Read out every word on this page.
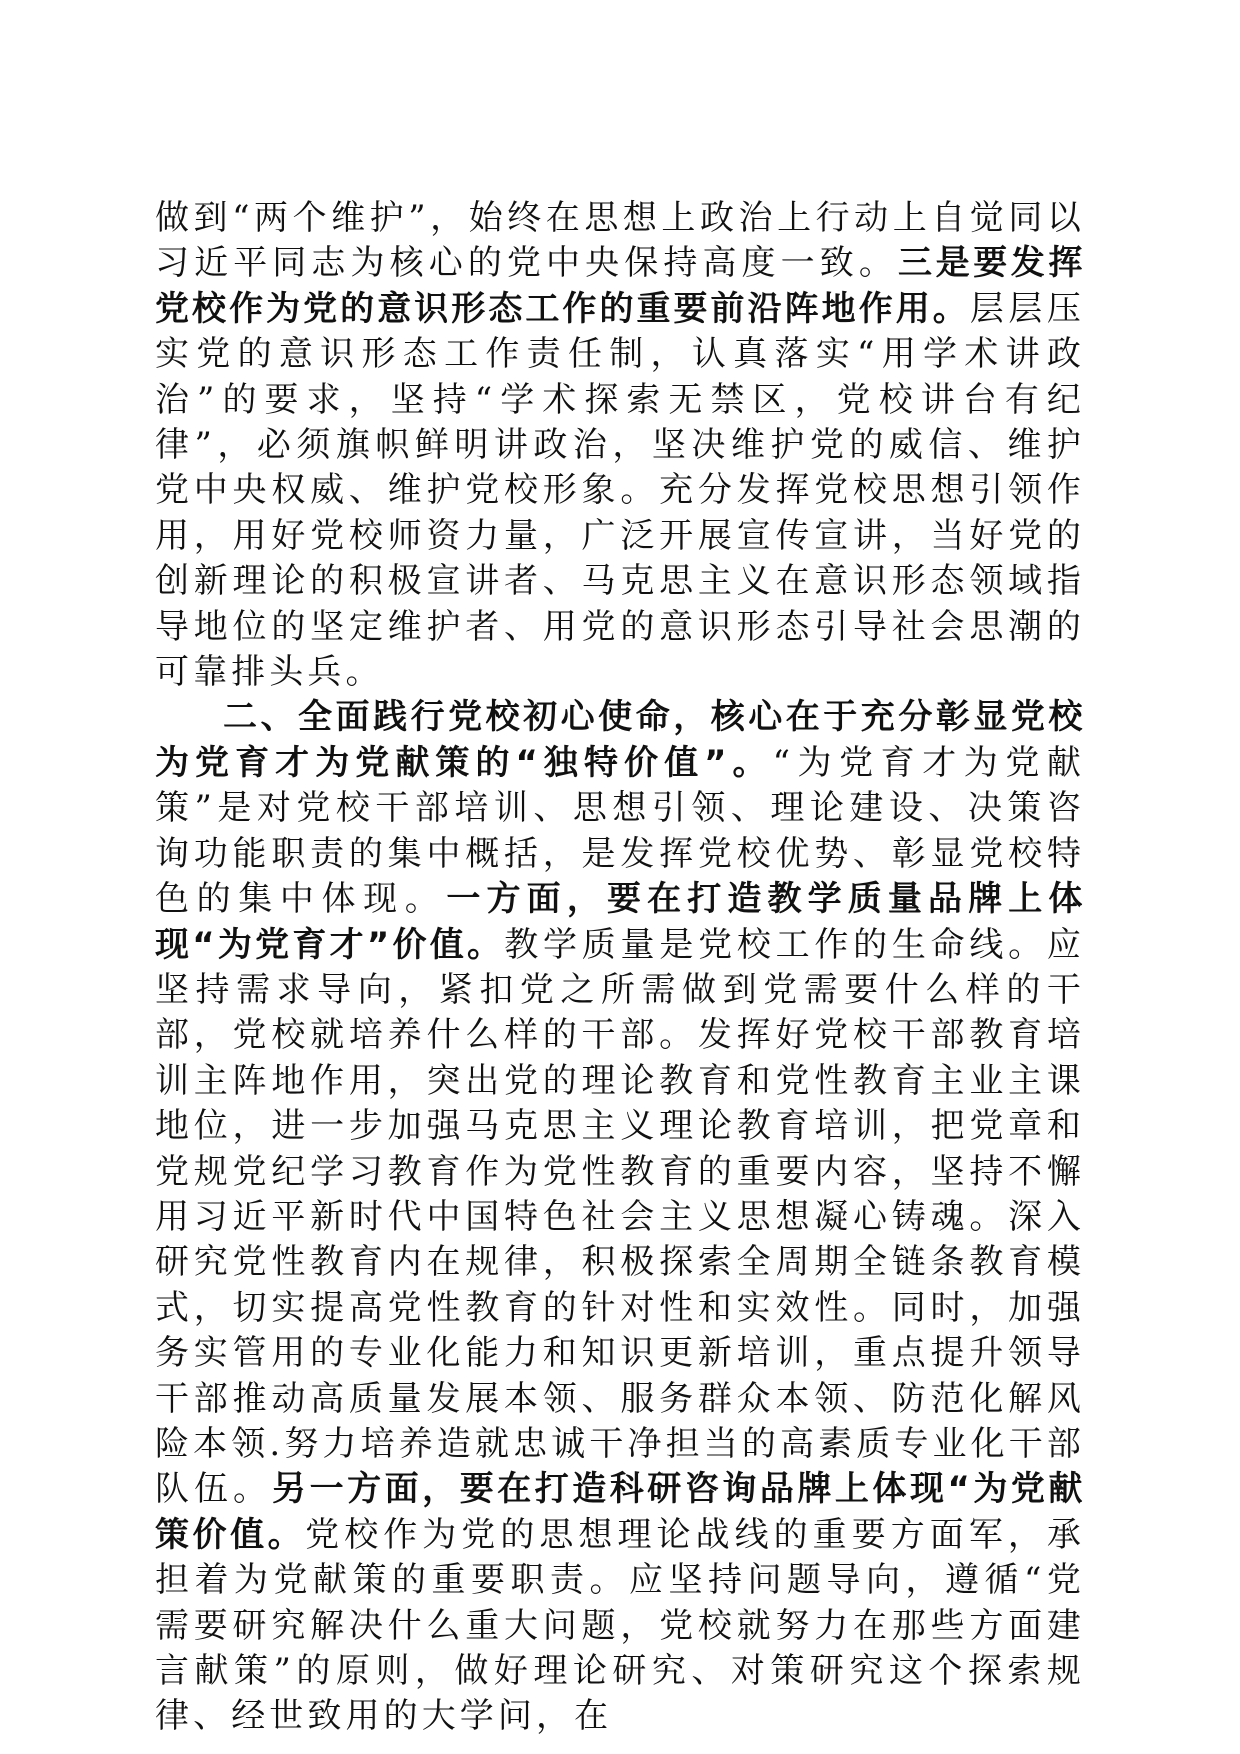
做到“两个维护”，始终在思想上政治上行动上自觉同以习近平同志为核心的党中央保持高度一致。三是要发挥党校作为党的意识形态工作的重要前沿阵地作用。层层压实党的意识形态工作责任制，认真落实“用学术讲政治”的要求，坚持“学术探索无禁区，党校讲台有纪律”，必须旗帜鲜明讲政治，坚决维护党的威信、维护党中央权威、维护党校形象。充分发挥党校思想引领作用，用好党校师资力量，广泛开展宣传宣讲，当好党的创新理论的积极宣讲者、马克思主义在意识形态领域指导地位的坚定维护者、用党的意识形态引导社会思潮的可靠排头兵。

二、全面践行党校初心使命，核心在于充分彰显党校为党育才为党献策的“独特价值”。“为党育才为党献策”是对党校干部培训、思想引领、理论建设、决策咨询功能职责的集中概括，是发挥党校优势、彰显党校特色的集中体现。一方面，要在打造教学质量品牌上体现“为党育才”价值。教学质量是党校工作的生命线。应坚持需求导向，紧扣党之所需做到党需要什么样的干部，党校就培养什么样的干部。发挥好党校干部教育培训主阵地作用，突出党的理论教育和党性教育主业主课地位，进一步加强马克思主义理论教育培训，把党章和党规党纪学习教育作为党性教育的重要内容，坚持不懈用习近平新时代中国特色社会主义思想凝心铸魂。深入研究党性教育内在规律，积极探索全周期全链条教育模式，切实提高党性教育的针对性和实效性。同时，加强务实管用的专业化能力和知识更新培训，重点提升领导干部推动高质量发展本领、服务群众本领、防范化解风险本领.努力培养造就忠诚干净担当的高素质专业化干部队伍。另一方面，要在打造科研咨询品牌上体现“为党献策价值。党校作为党的思想理论战线的重要方面军，承担着为党献策的重要职责。应坚持问题导向，遵循“党需要研究解决什么重大问题，党校就努力在那些方面建言献策”的原则，做好理论研究、对策研究这个探索规律、经世致用的大学问，在
